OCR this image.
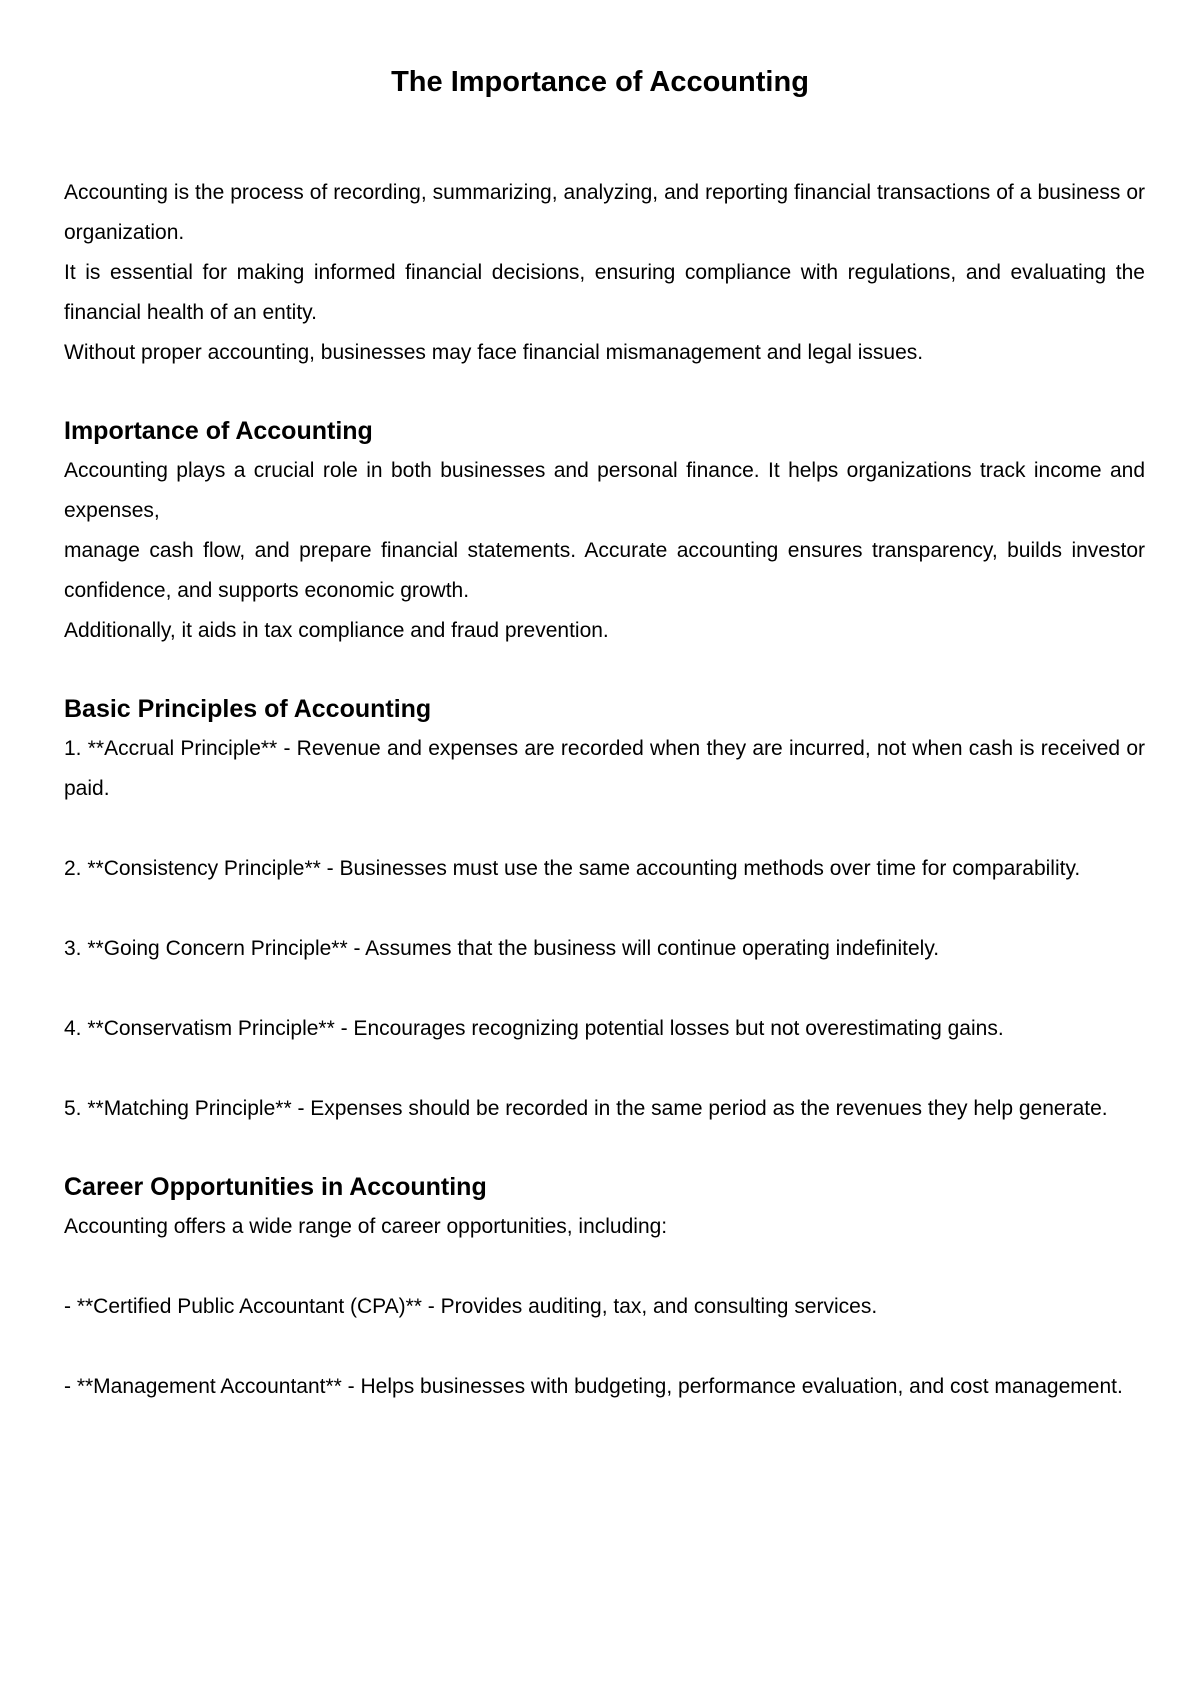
The Importance of Accounting

Accounting is the process of recording, summarizing, analyzing, and reporting financial transactions of a business or organization.

It is essential for making informed financial decisions, ensuring compliance with regulations, and evaluating the financial health of an entity.

Without proper accounting, businesses may face financial mismanagement and legal issues.

Importance of Accounting

Accounting plays a crucial role in both businesses and personal finance. It helps organizations track income and expenses,

manage cash flow, and prepare financial statements. Accurate accounting ensures transparency, builds investor confidence, and supports economic growth.

Additionally, it aids in tax compliance and fraud prevention.

Basic Principles of Accounting

1. **Accrual Principle** - Revenue and expenses are recorded when they are incurred, not when cash is received or paid.

2. **Consistency Principle** - Businesses must use the same accounting methods over time for comparability.

3. **Going Concern Principle** - Assumes that the business will continue operating indefinitely.

4. **Conservatism Principle** - Encourages recognizing potential losses but not overestimating gains.

5. **Matching Principle** - Expenses should be recorded in the same period as the revenues they help generate.

Career Opportunities in Accounting

Accounting offers a wide range of career opportunities, including:

- **Certified Public Accountant (CPA)** - Provides auditing, tax, and consulting services.

- **Management Accountant** - Helps businesses with budgeting, performance evaluation, and cost management.
